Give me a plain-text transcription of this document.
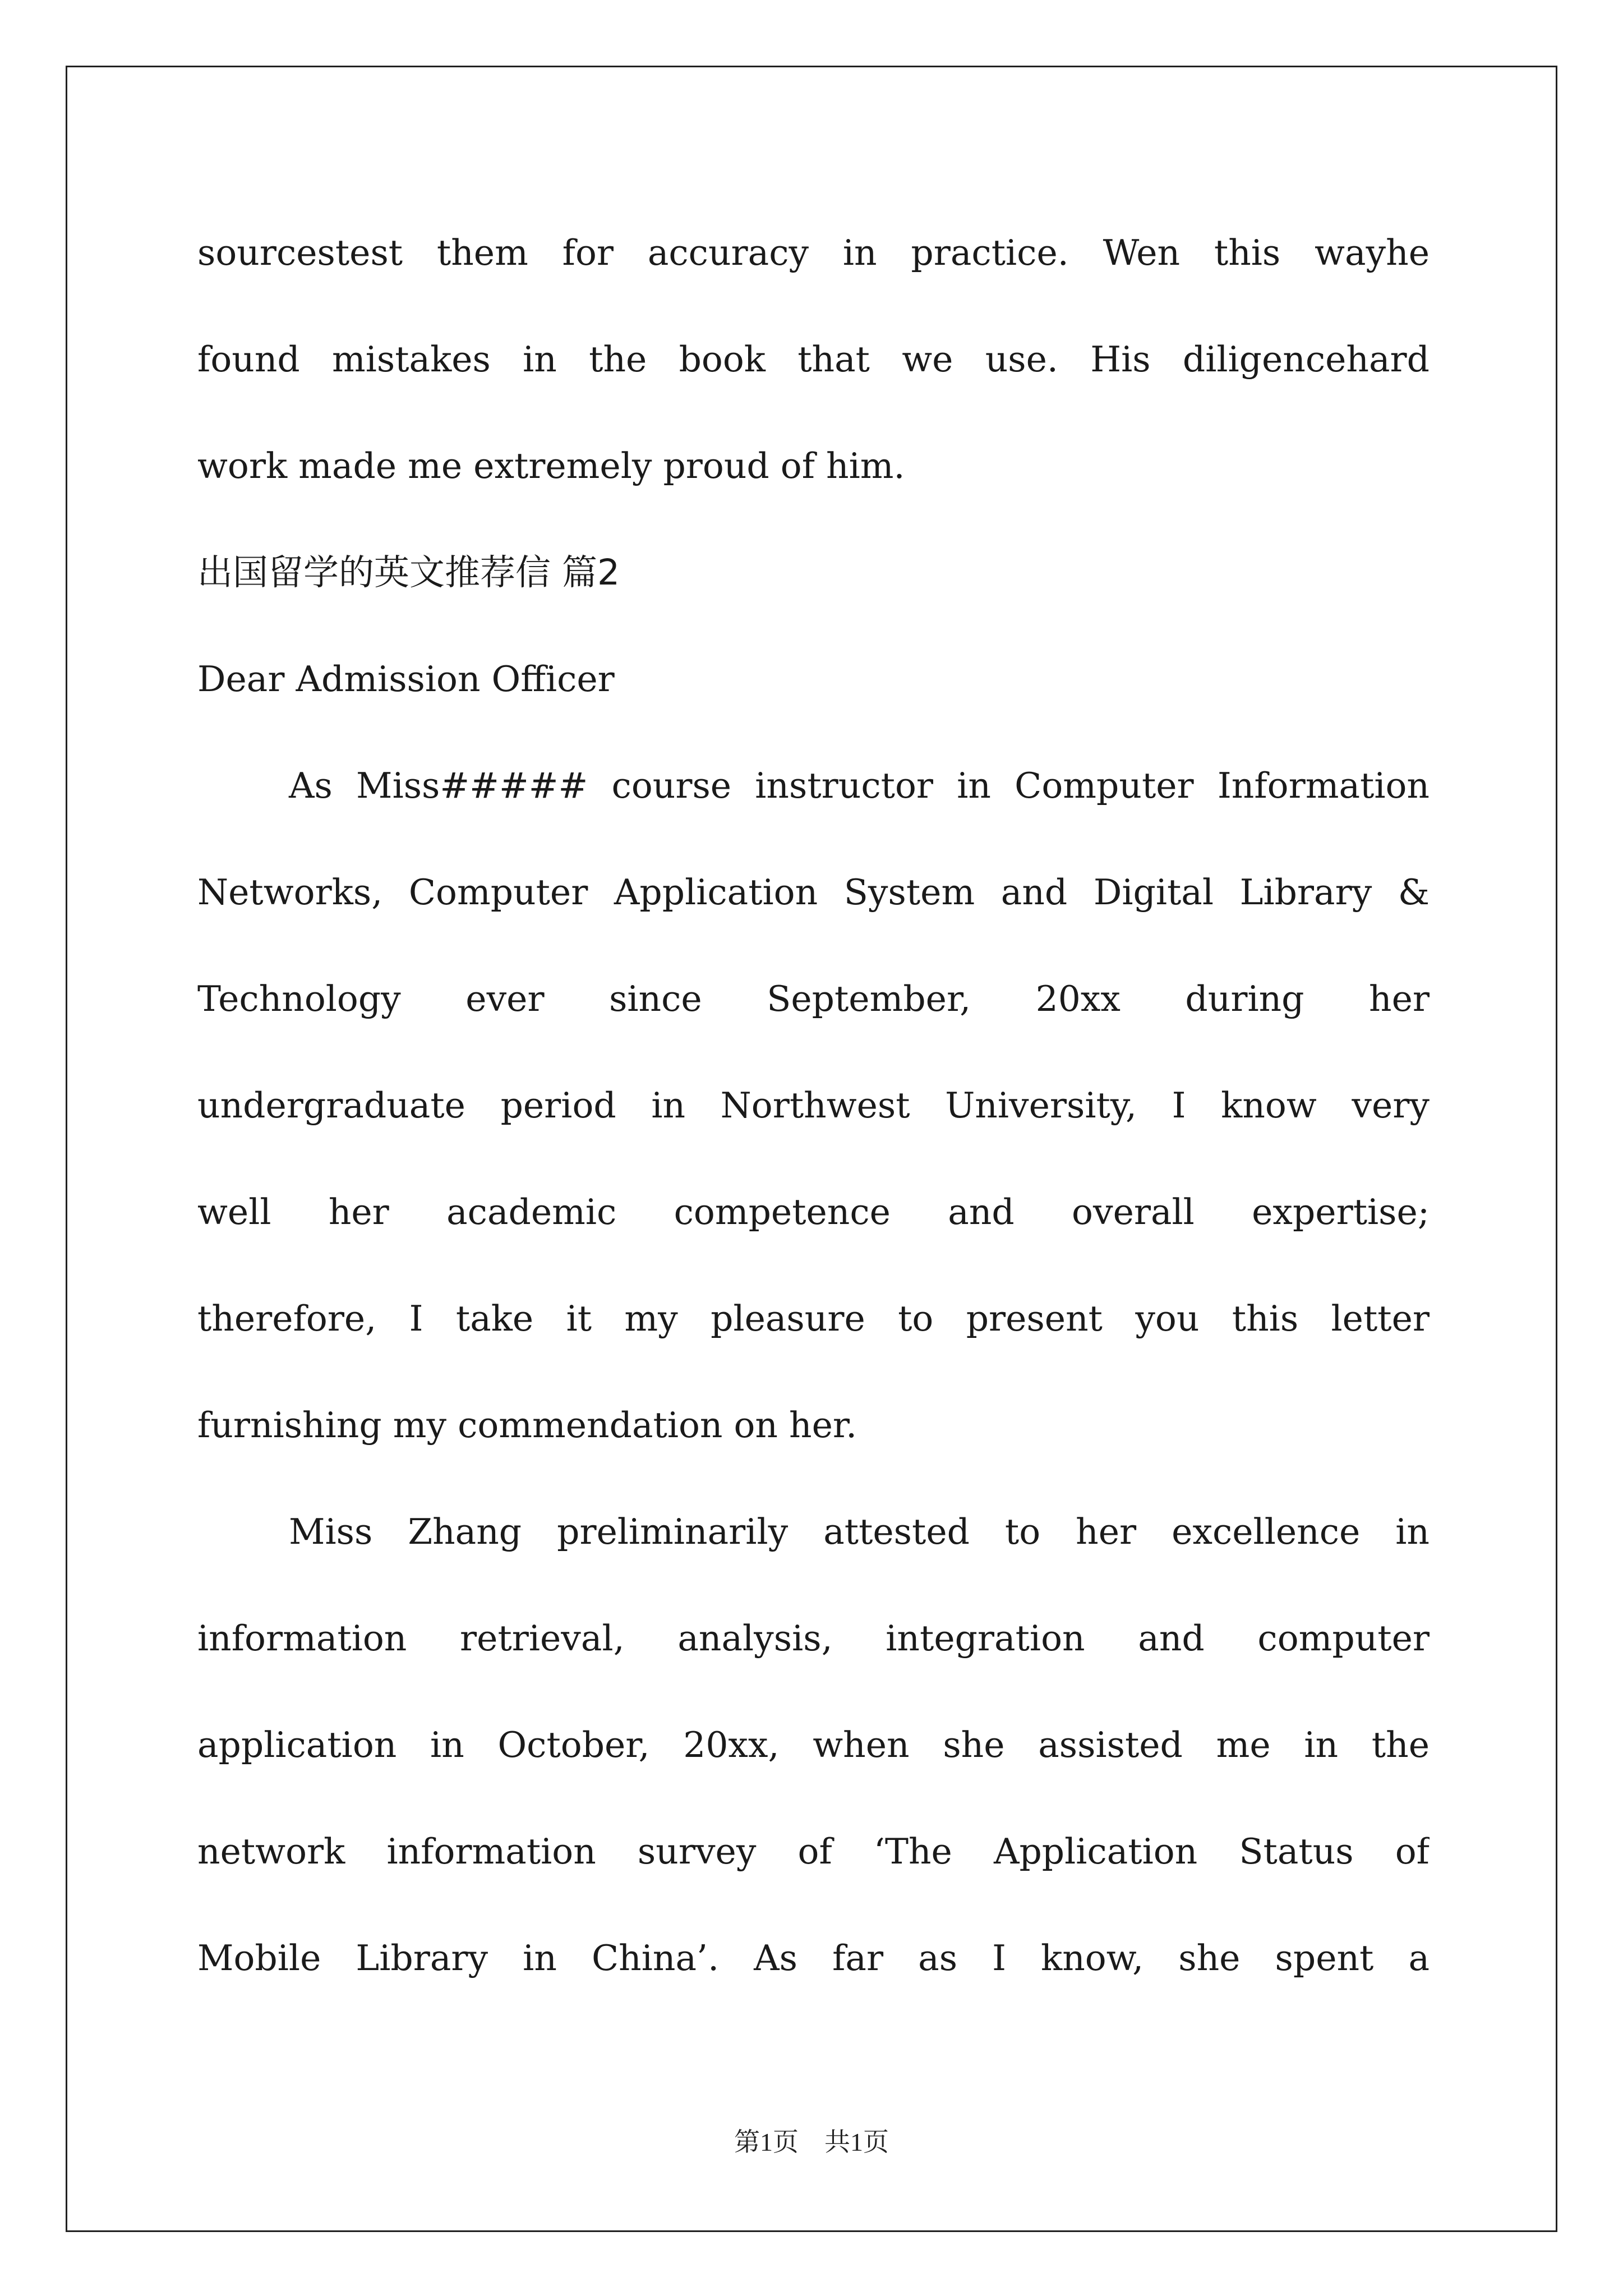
sourcestest them for accuracy in practice. Wen this wayhe
found mistakes in the book that we use. His diligencehard
work made me extremely proud of him.
出国留学的英文推荐信 篇2
Dear Admission Officer
As Miss##### course instructor in Computer Information
Networks, Computer Application System and Digital Library &
Technology ever since September, 20xx during her
undergraduate period in Northwest University, I know very
well her academic competence and overall expertise;
therefore, I take it my pleasure to present you this letter
furnishing my commendation on her.
Miss Zhang preliminarily attested to her excellence in
information retrieval, analysis, integration and computer
application in October, 20xx, when she assisted me in the
network information survey of ‘The Application Status of
Mobile Library in China’. As far as I know, she spent a
第1页　共1页
